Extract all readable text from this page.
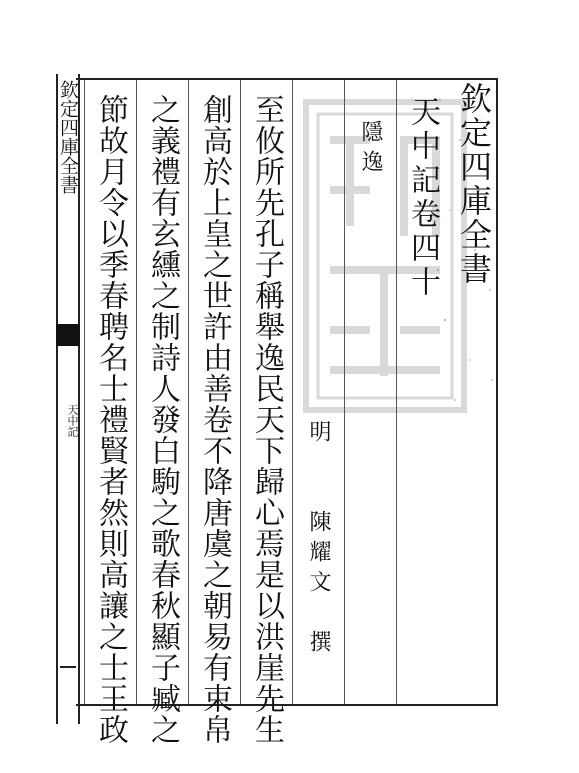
欽定四庫全書
天中記
天中記卷四十
隱逸
明　　陳耀文　撰
至攸所先孔子稱舉逸民天下歸心焉是以洪崖先生
創高於上皇之世許由善卷不降唐虞之朝易有束帛
之義禮有玄纁之制詩人發白駒之歌春秋顯子臧之
節故月令以季春聘名士禮賢者然則高讓之士王政	欽定四庫全書
